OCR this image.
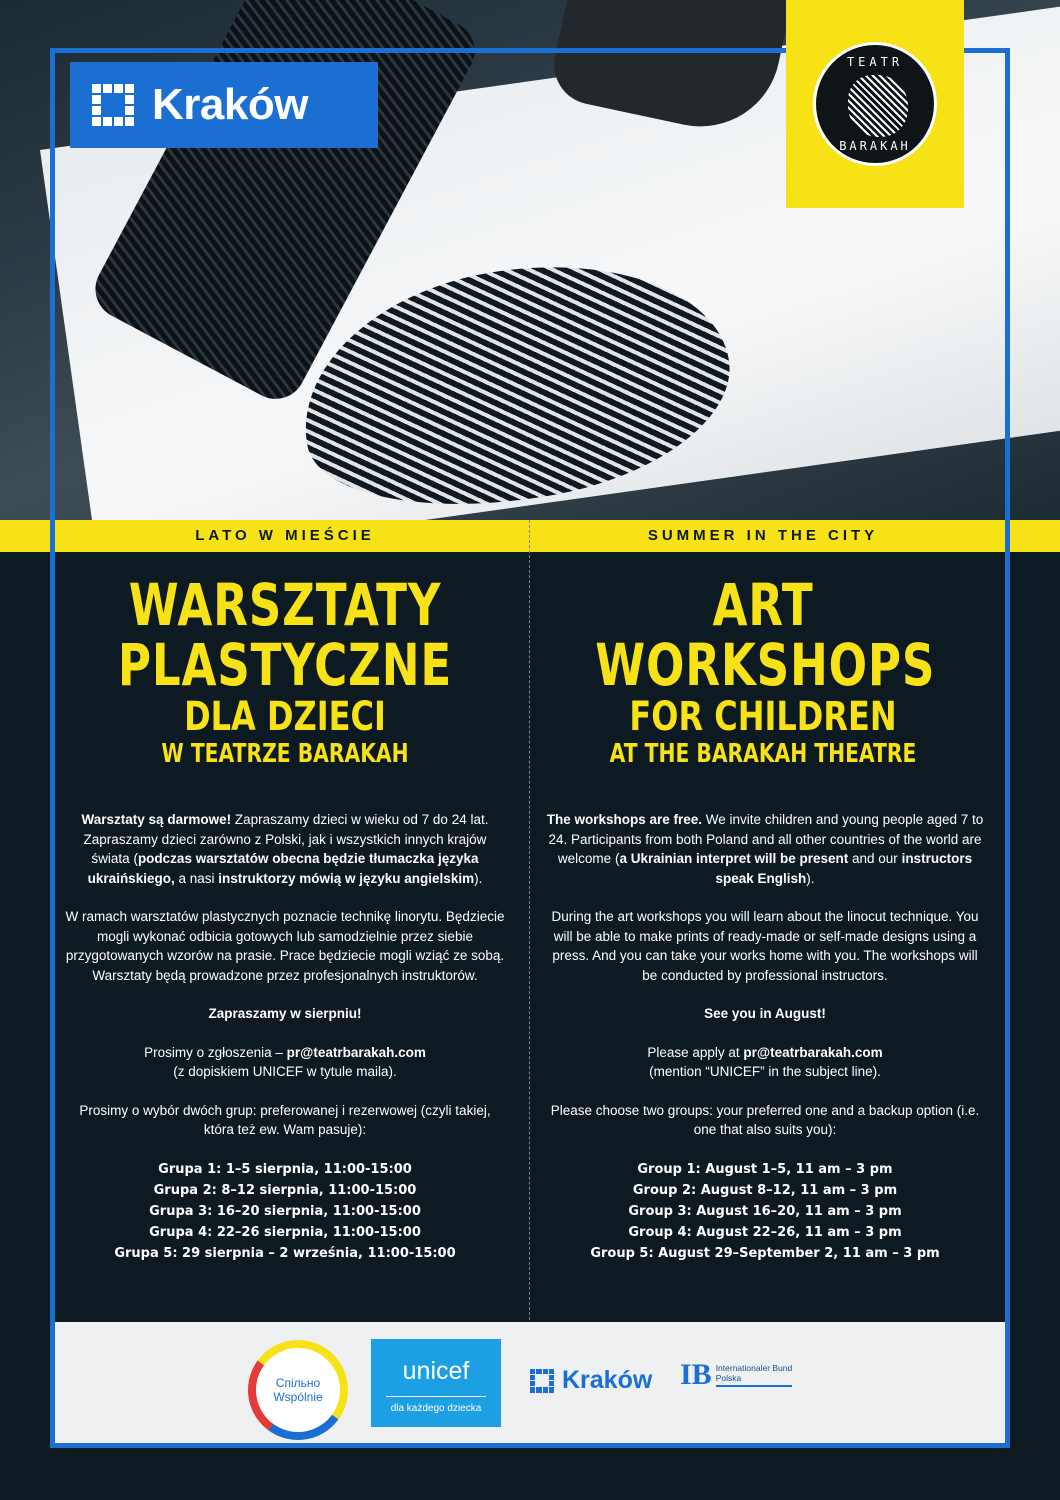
Kraków
TEATR
BARAKAH
LATO W MIEŚCIE	SUMMER IN THE CITY
WARSZTATY
PLASTYCZNE
DLA DZIECI
W TEATRZE BARAKAH
ART
WORKSHOPS
FOR CHILDREN
AT THE BARAKAH THEATRE

Warsztaty są darmowe! Zapraszamy dzieci w wieku od 7 do 24 lat. Zapraszamy dzieci zarówno z Polski, jak i wszystkich innych krajów świata (podczas warsztatów obecna będzie tłumaczka języka ukraińskiego, a nasi instruktorzy mówią w języku angielskim).

W ramach warsztatów plastycznych poznacie technikę linorytu. Będziecie mogli wykonać odbicia gotowych lub samodzielnie przez siebie przygotowanych wzorów na prasie. Prace będziecie mogli wziąć ze sobą. Warsztaty będą prowadzone przez profesjonalnych instruktorów.

Zapraszamy w sierpniu!

Prosimy o zgłoszenia – pr@teatrbarakah.com
(z dopiskiem UNICEF w tytule maila).

Prosimy o wybór dwóch grup: preferowanej i rezerwowej (czyli takiej, która też ew. Wam pasuje):

Grupa 1: 1–5 sierpnia, 11:00-15:00
Grupa 2: 8–12 sierpnia, 11:00-15:00
Grupa 3: 16–20 sierpnia, 11:00-15:00
Grupa 4: 22–26 sierpnia, 11:00-15:00
Grupa 5: 29 sierpnia – 2 września, 11:00-15:00

The workshops are free. We invite children and young people aged 7 to 24. Participants from both Poland and all other countries of the world are welcome (a Ukrainian interpret will be present and our instructors speak English).

During the art workshops you will learn about the linocut technique. You will be able to make prints of ready-made or self-made designs using a press. And you can take your works home with you. The workshops will be conducted by professional instructors.

See you in August!

Please apply at pr@teatrbarakah.com
(mention “UNICEF” in the subject line).

Please choose two groups: your preferred one and a backup option (i.e. one that also suits you):

Group 1: August 1–5, 11 am – 3 pm
Group 2: August 8–12, 11 am – 3 pm
Group 3: August 16–20, 11 am – 3 pm
Group 4: August 22–26, 11 am – 3 pm
Group 5: August 29–September 2, 11 am – 3 pm
Спільно
Wspólnie
unicef
dla każdego dziecka
Kraków IB Internationaler Bund
Polska
